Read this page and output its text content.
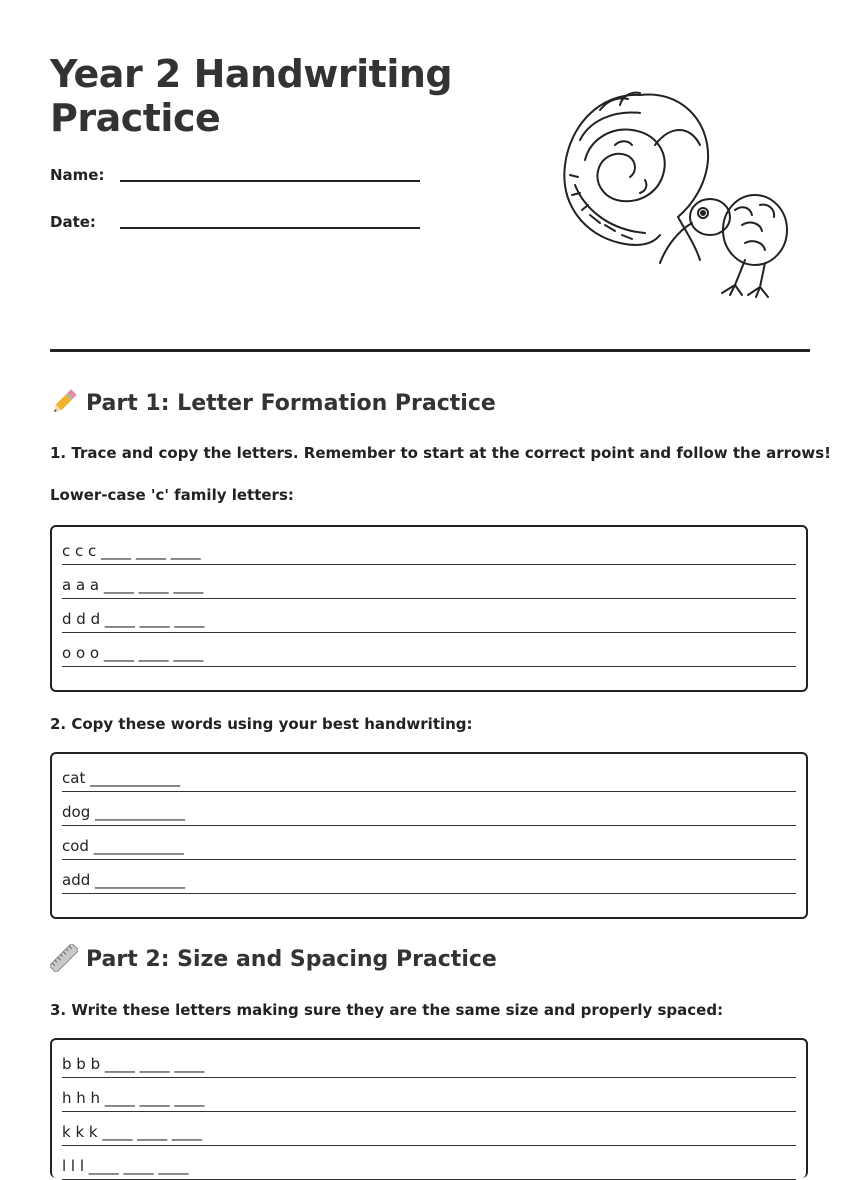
Year 2 Handwriting Practice
Name:
Date:
Part 1: Letter Formation Practice

1. Trace and copy the letters. Remember to start at the correct point and follow the arrows!

Lower-case 'c' family letters:

c c c ____ ____ ____
a a a ____ ____ ____
d d d ____ ____ ____
o o o ____ ____ ____

2. Copy these words using your best handwriting:

cat ____________
dog ____________
cod ____________
add ____________
Part 2: Size and Spacing Practice

3. Write these letters making sure they are the same size and properly spaced:

b b b ____ ____ ____
h h h ____ ____ ____
k k k ____ ____ ____
l l l ____ ____ ____
